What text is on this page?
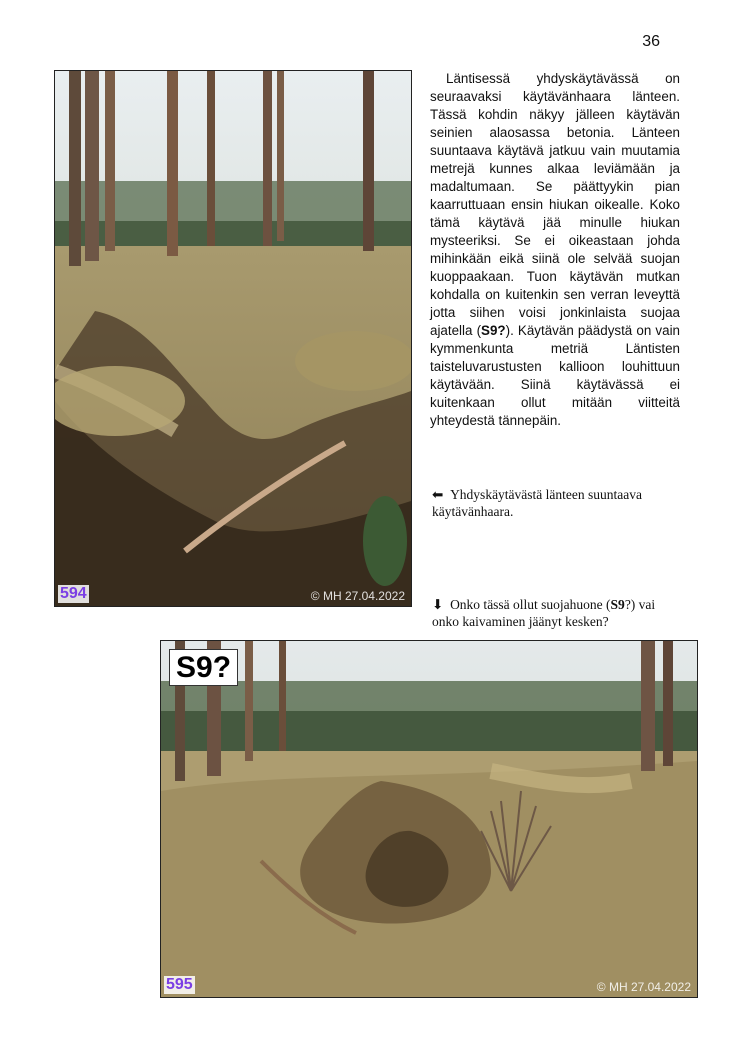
36
594	© MH 27.04.2022

Läntisessä yhdyskäytävässä on seuraavaksi käytävänhaara länteen. Tässä kohdin näkyy jälleen käytävän seinien alaosassa betonia. Länteen suuntaava käytävä jatkuu vain muutamia metrejä kunnes alkaa leviämään ja madaltumaan. Se päättyykin pian kaarruttuaan ensin hiukan oikealle. Koko tämä käytävä jää minulle hiukan mysteeriksi. Se ei oikeastaan johda mihinkään eikä siinä ole selvää suojan kuoppaakaan. Tuon käytävän mutkan kohdalla on kuitenkin sen verran leveyttä jotta siihen voisi jonkinlaista suojaa ajatella (S9?). Käytävän päädystä on vain kymmenkunta metriä Läntisten taisteluvarustusten kallioon louhittuun käytävään. Siinä käytävässä ei kuitenkaan ollut mitään viitteitä yhteydestä tännepäin.

⬅ Yhdyskäytävästä länteen suuntaava käytävänhaara.

⬇ Onko tässä ollut suojahuone (S9?) vai onko kaivaminen jäänyt kesken?

S9?
595	© MH 27.04.2022
